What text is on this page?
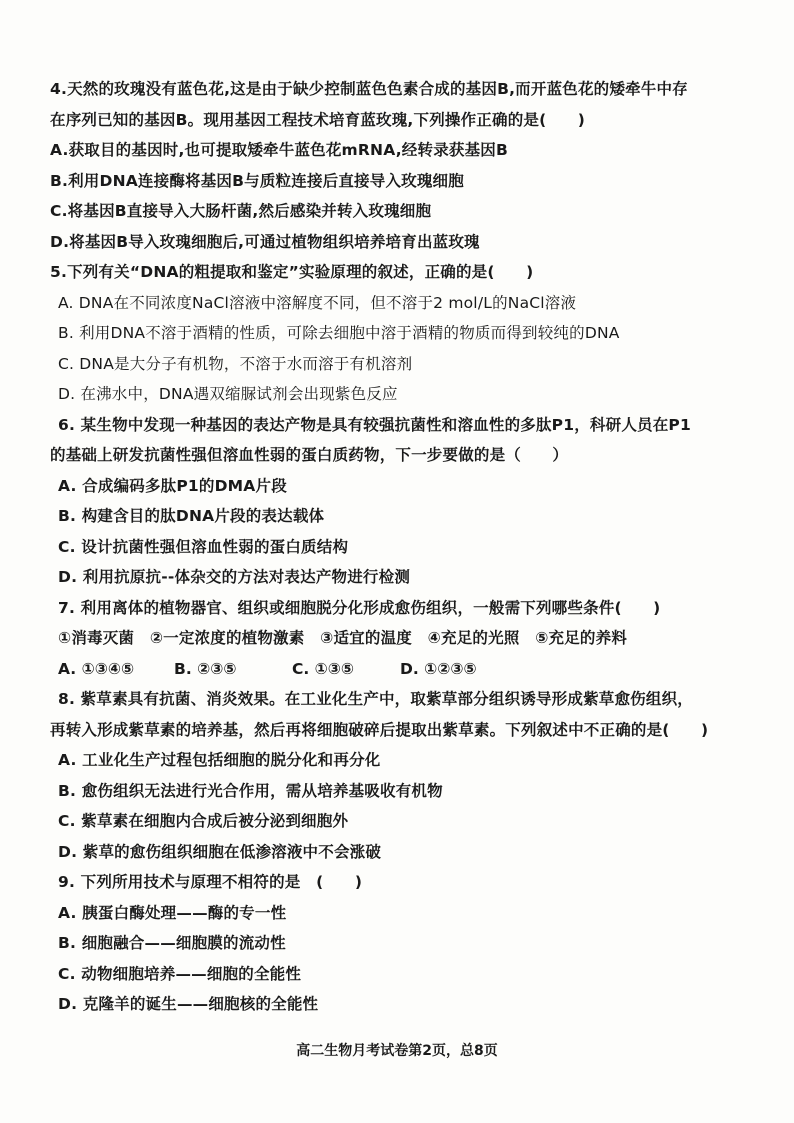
4.天然的玫瑰没有蓝色花,这是由于缺少控制蓝色色素合成的基因B,而开蓝色花的矮牵牛中存
在序列已知的基因B。现用基因工程技术培育蓝玫瑰,下列操作正确的是(　　)
A.获取目的基因时,也可提取矮牵牛蓝色花mRNA,经转录获基因B
B.利用DNA连接酶将基因B与质粒连接后直接导入玫瑰细胞
C.将基因B直接导入大肠杆菌,然后感染并转入玫瑰细胞
D.将基因B导入玫瑰细胞后,可通过植物组织培养培育出蓝玫瑰
5.下列有关“DNA的粗提取和鉴定”实验原理的叙述，正确的是(　　)
A. DNA在不同浓度NaCl溶液中溶解度不同，但不溶于2 mol/L的NaCl溶液
B. 利用DNA不溶于酒精的性质，可除去细胞中溶于酒精的物质而得到较纯的DNA
C. DNA是大分子有机物，不溶于水而溶于有机溶剂
D. 在沸水中，DNA遇双缩脲试剂会出现紫色反应
6. 某生物中发现一种基因的表达产物是具有较强抗菌性和溶血性的多肽P1，科研人员在P1
的基础上研发抗菌性强但溶血性弱的蛋白质药物，下一步要做的是（　　）
A. 合成编码多肽P1的DMA片段
B. 构建含目的肽DNA片段的表达载体
C. 设计抗菌性强但溶血性弱的蛋白质结构
D. 利用抗原抗--体杂交的方法对表达产物进行检测
7. 利用离体的植物器官、组织或细胞脱分化形成愈伤组织，一般需下列哪些条件(　　)
①消毒灭菌　②一定浓度的植物激素　③适宜的温度　④充足的光照　⑤充足的养料
A. ①③④⑤	B. ②③⑤	C. ①③⑤	D. ①②③⑤
8. 紫草素具有抗菌、消炎效果。在工业化生产中，取紫草部分组织诱导形成紫草愈伤组织，
再转入形成紫草素的培养基，然后再将细胞破碎后提取出紫草素。下列叙述中不正确的是(　　)
A. 工业化生产过程包括细胞的脱分化和再分化
B. 愈伤组织无法进行光合作用，需从培养基吸收有机物
C. 紫草素在细胞内合成后被分泌到细胞外
D. 紫草的愈伤组织细胞在低渗溶液中不会涨破
9. 下列所用技术与原理不相符的是　(　　)
A. 胰蛋白酶处理——酶的专一性
B. 细胞融合——细胞膜的流动性
C. 动物细胞培养——细胞的全能性
D. 克隆羊的诞生——细胞核的全能性
高二生物月考试卷第2页，总8页
